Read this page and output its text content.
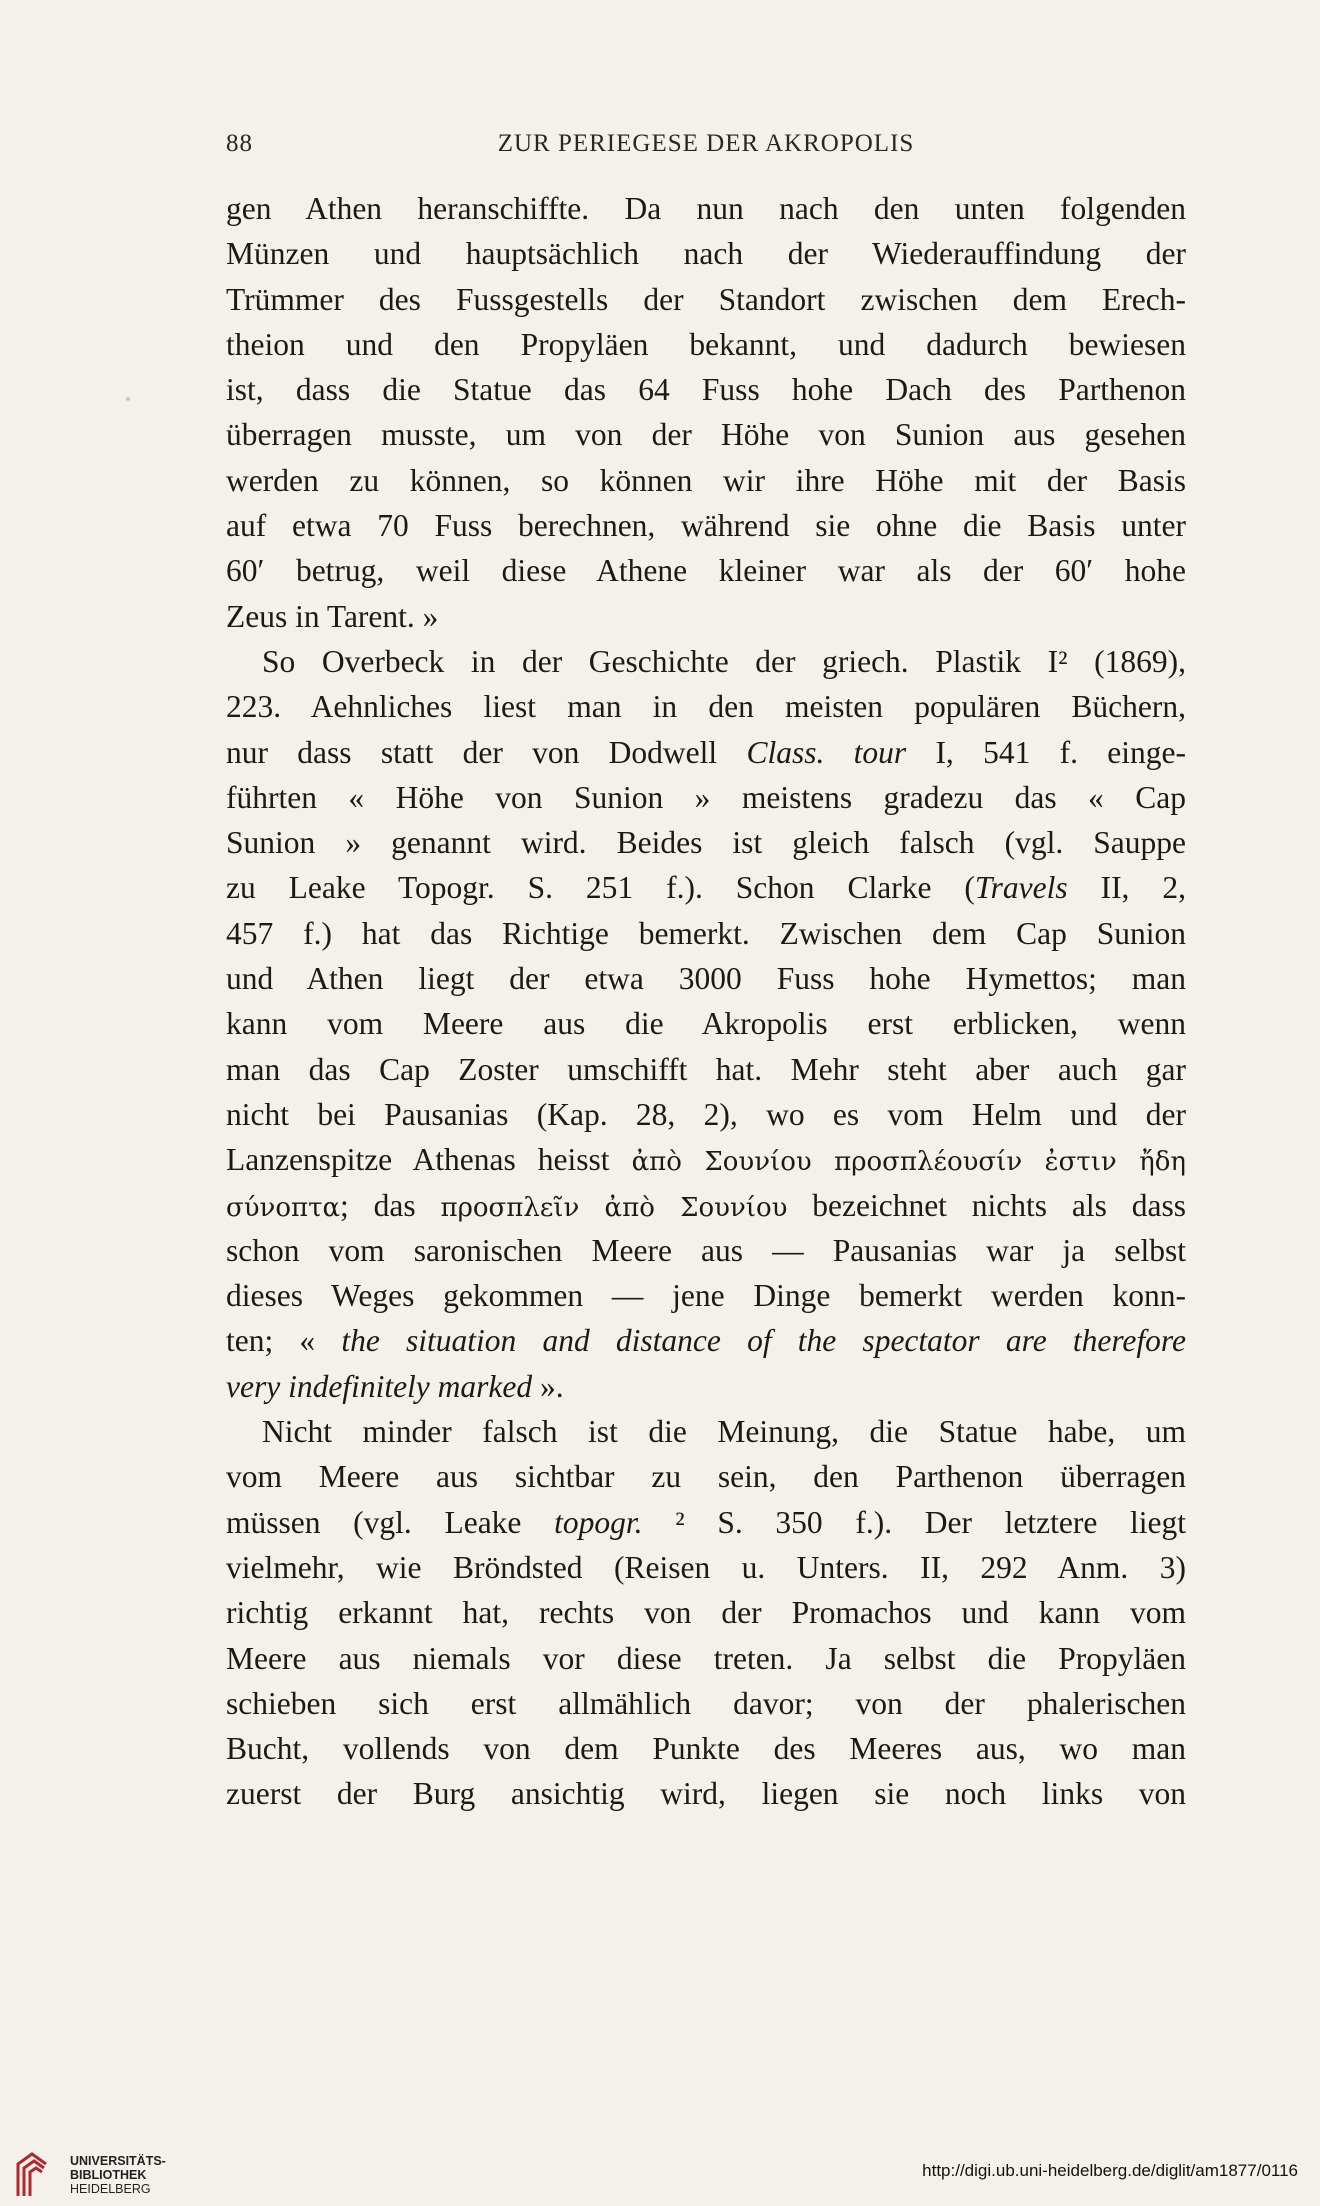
88	ZUR PERIEGESE DER AKROPOLIS
gen Athen heranschiffte. Da nun nach den unten folgenden
Münzen und hauptsächlich nach der Wiederauffindung der
Trümmer des Fussgestells der Standort zwischen dem Erech-
theion und den Propyläen bekannt, und dadurch bewiesen
ist, dass die Statue das 64 Fuss hohe Dach des Parthenon
überragen musste, um von der Höhe von Sunion aus gesehen
werden zu können, so können wir ihre Höhe mit der Basis
auf etwa 70 Fuss berechnen, während sie ohne die Basis unter
60′ betrug, weil diese Athene kleiner war als der 60′ hohe
Zeus in Tarent. »
So Overbeck in der Geschichte der griech. Plastik I² (1869),
223. Aehnliches liest man in den meisten populären Büchern,
nur dass statt der von Dodwell Class. tour I, 541 f. einge-
führten « Höhe von Sunion » meistens gradezu das « Cap
Sunion » genannt wird. Beides ist gleich falsch (vgl. Sauppe
zu Leake Topogr. S. 251 f.). Schon Clarke (Travels II, 2,
457 f.) hat das Richtige bemerkt. Zwischen dem Cap Sunion
und Athen liegt der etwa 3000 Fuss hohe Hymettos; man
kann vom Meere aus die Akropolis erst erblicken, wenn
man das Cap Zoster umschifft hat. Mehr steht aber auch gar
nicht bei Pausanias (Kap. 28, 2), wo es vom Helm und der
Lanzenspitze Athenas heisst ἀπὸ Σουνίου προσπλέουσίν ἐστιν ἤδη
σύνοπτα; das προσπλεῖν ἀπὸ Σουνίου bezeichnet nichts als dass
schon vom saronischen Meere aus — Pausanias war ja selbst
dieses Weges gekommen — jene Dinge bemerkt werden konn-
ten; « the situation and distance of the spectator are therefore
very indefinitely marked ».
Nicht minder falsch ist die Meinung, die Statue habe, um
vom Meere aus sichtbar zu sein, den Parthenon überragen
müssen (vgl. Leake topogr. ² S. 350 f.). Der letztere liegt
vielmehr, wie Bröndsted (Reisen u. Unters. II, 292 Anm. 3)
richtig erkannt hat, rechts von der Promachos und kann vom
Meere aus niemals vor diese treten. Ja selbst die Propyläen
schieben sich erst allmählich davor; von der phalerischen
Bucht, vollends von dem Punkte des Meeres aus, wo man
zuerst der Burg ansichtig wird, liegen sie noch links von
UNIVERSITÄTS-
BIBLIOTHEK
HEIDELBERG
http://digi.ub.uni-heidelberg.de/diglit/am1877/0116
